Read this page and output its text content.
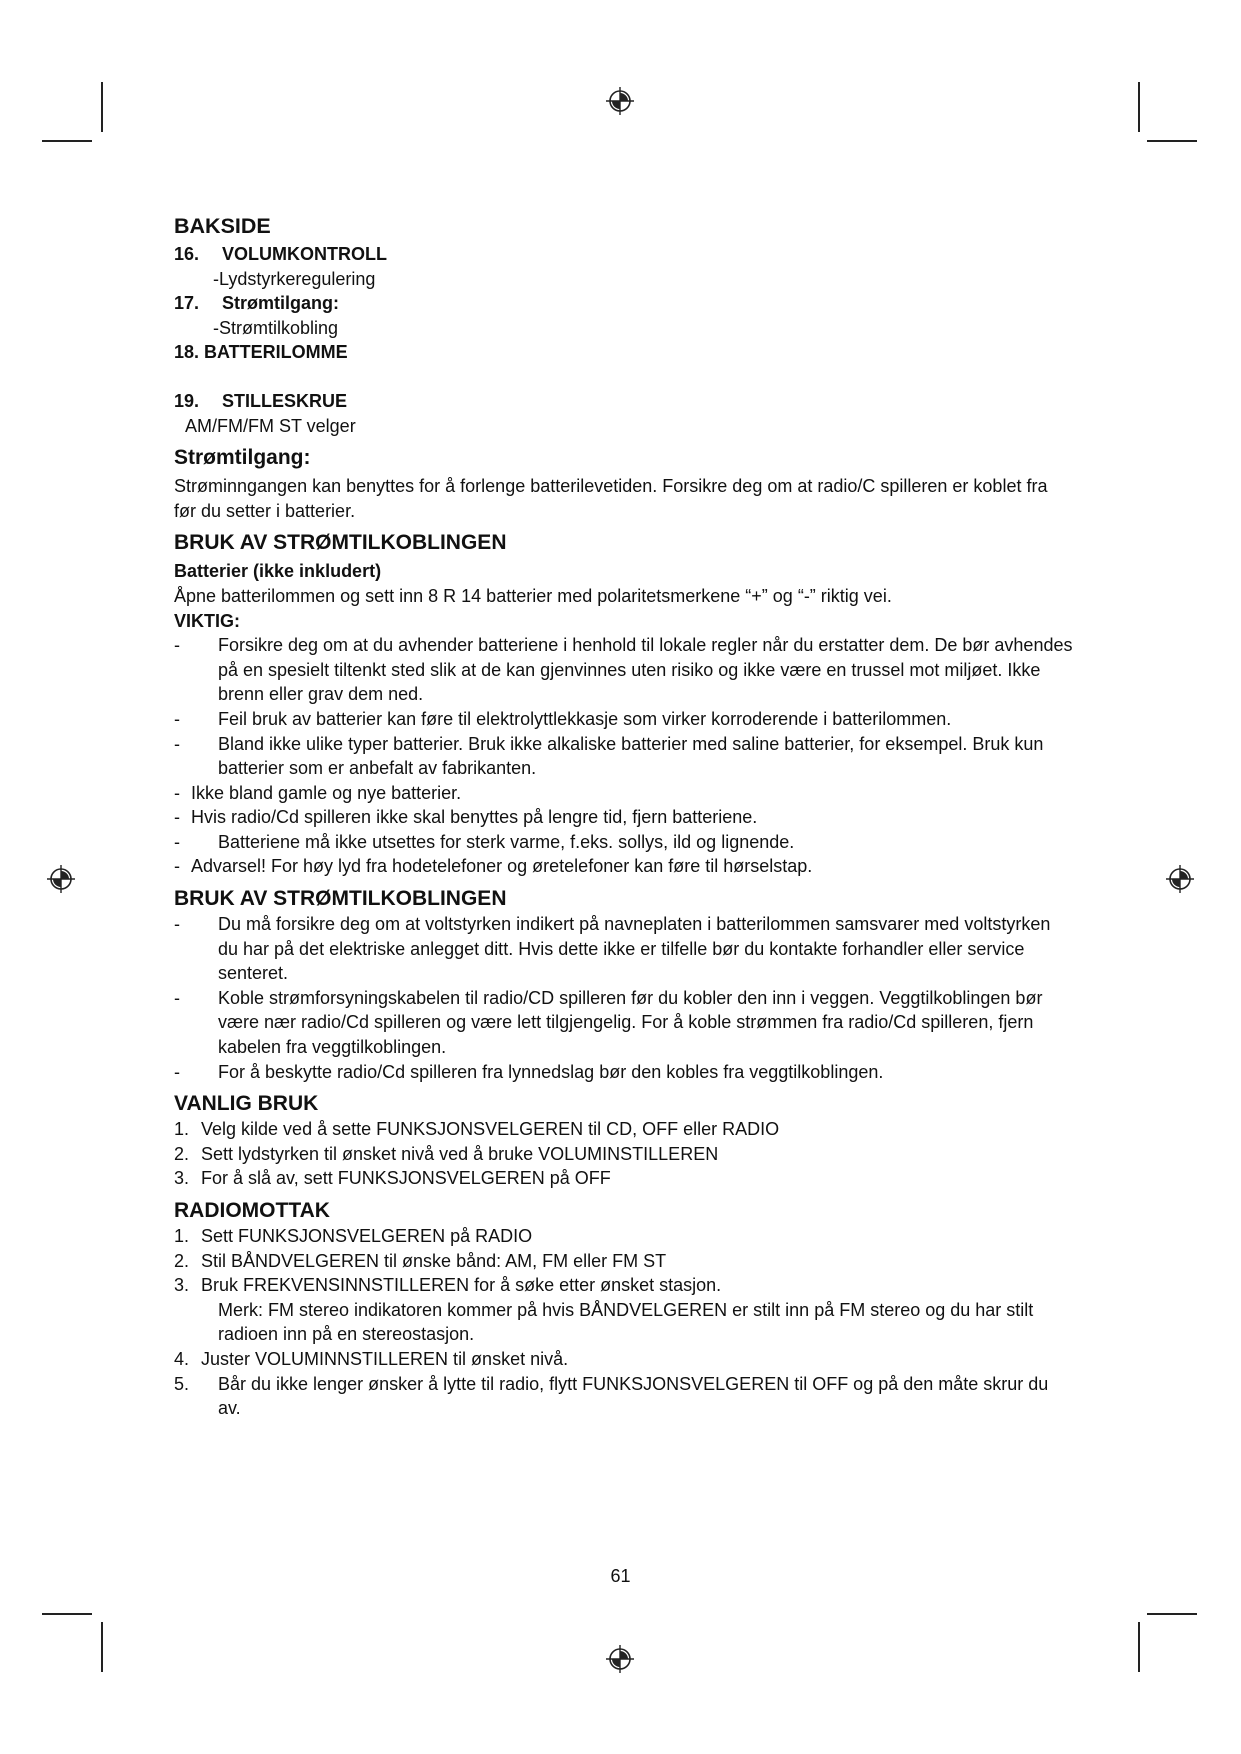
BAKSIDE
16.	VOLUMKONTROLL
-Lydstyrkeregulering
17.	Strømtilgang:
-Strømtilkobling
18. BATTERILOMME
19.	STILLESKRUE
AM/FM/FM ST velger
Strømtilgang:
Strøminngangen kan benyttes for å forlenge batterilevetiden. Forsikre deg om at radio/C spilleren er koblet fra før du setter i batterier.
BRUK AV STRØMTILKOBLINGEN
Batterier (ikke inkludert)
Åpne batterilommen og sett inn 8 R 14 batterier med polaritetsmerkene “+” og “-” riktig vei.
VIKTIG:
-	Forsikre deg om at du avhender batteriene i henhold til lokale regler når du erstatter dem. De bør avhendes på en spesielt tiltenkt sted slik at de kan gjenvinnes uten risiko og ikke være en trussel mot miljøet. Ikke brenn eller grav dem ned.
-	Feil bruk av batterier kan føre til elektrolyttlekkasje som virker korroderende i batterilommen.
-	Bland ikke ulike typer batterier. Bruk ikke alkaliske batterier med saline batterier, for eksempel. Bruk kun batterier som er anbefalt av fabrikanten.
- Ikke bland gamle og nye batterier.
- Hvis radio/Cd spilleren ikke skal benyttes på lengre tid, fjern batteriene.
-	Batteriene må ikke utsettes for sterk varme, f.eks. sollys, ild og lignende.
- Advarsel! For høy lyd fra hodetelefoner og øretelefoner kan føre til hørselstap.
BRUK AV STRØMTILKOBLINGEN
-	Du må forsikre deg om at voltstyrken indikert på navneplaten i batterilommen samsvarer med voltstyrken du har på det elektriske anlegget ditt. Hvis dette ikke er tilfelle bør du kontakte forhandler eller service senteret.
-	Koble strømforsyningskabelen til radio/CD spilleren før du kobler den inn i veggen. Veggtilkoblingen bør være nær radio/Cd spilleren og være lett tilgjengelig. For å koble strømmen fra radio/Cd spilleren, fjern kabelen fra veggtilkoblingen.
-	For å beskytte radio/Cd spilleren fra lynnedslag bør den kobles fra veggtilkoblingen.
VANLIG BRUK
1. Velg kilde ved å sette FUNKSJONSVELGEREN til CD, OFF eller RADIO
2. Sett lydstyrken til ønsket nivå ved å bruke VOLUMINSTILLEREN
3. For å slå av, sett FUNKSJONSVELGEREN på OFF
RADIOMOTTAK
1. Sett FUNKSJONSVELGEREN på RADIO
2. Stil BÅNDVELGEREN til ønske bånd: AM, FM eller FM ST
3. Bruk FREKVENSINNSTILLEREN for å søke etter ønsket stasjon.
Merk: FM stereo indikatoren kommer på hvis BÅNDVELGEREN er stilt inn på FM stereo og du har stilt radioen inn på en stereostasjon.
4. Juster VOLUMINNSTILLEREN til ønsket nivå.
5.	Bår du ikke lenger ønsker å lytte til radio, flytt FUNKSJONSVELGEREN til OFF og på den måte skrur du av.
61
